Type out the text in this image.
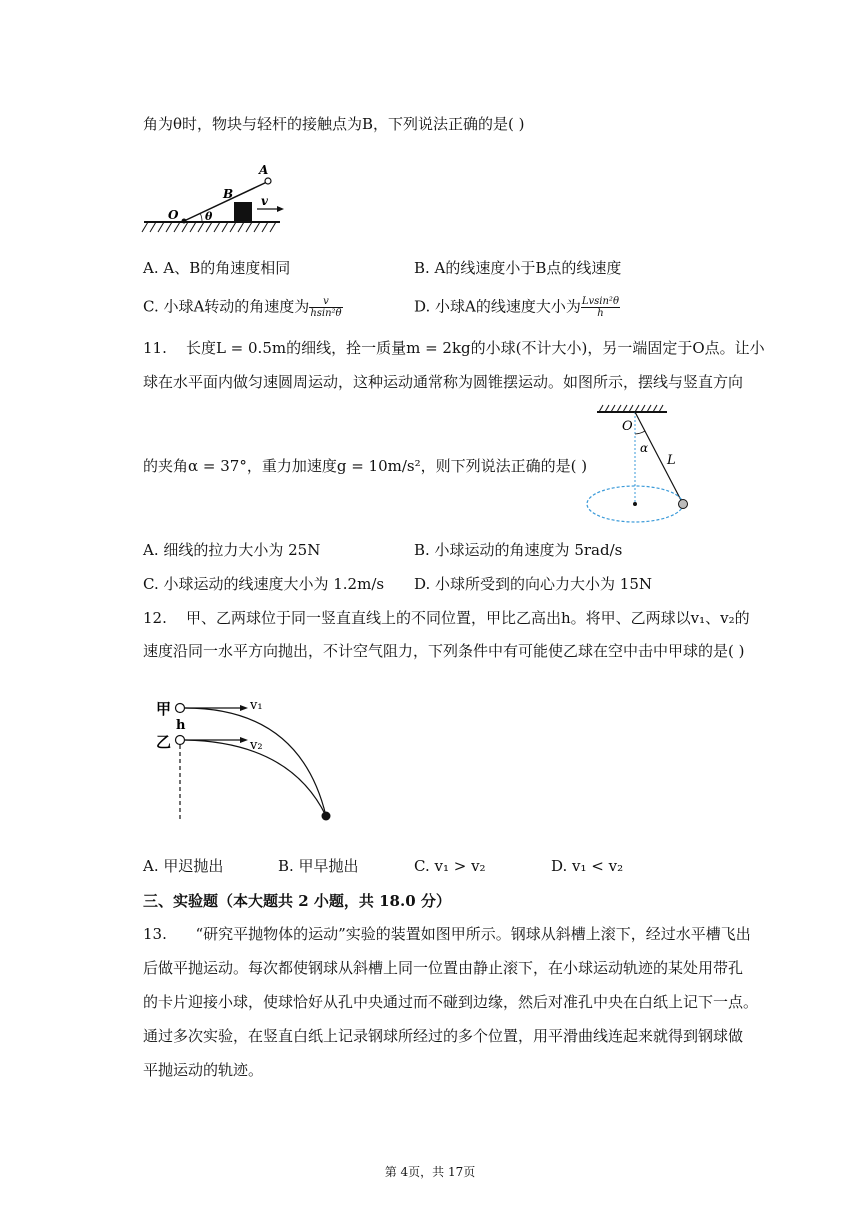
角为θ时，物块与轻杆的接触点为B，下列说法正确的是( )
O
A
B
θ
v
A. A、B的角速度相同	B. A的线速度小于B点的线速度
C. 小球A转动的角速度为 $\frac{v}{\text{hsin²θ}}$	D. 小球A的线速度大小为 $\frac{\text{Lvsin²θ}}{h}$
11. 长度L = 0.5m的细线，拴一质量m = 2kg的小球(不计大小)，另一端固定于O点。让小
球在水平面内做匀速圆周运动，这种运动通常称为圆锥摆运动。如图所示，摆线与竖直方向
的夹角α = 37°，重力加速度g = 10m/s²，则下列说法正确的是( )
O
α
L
A. 细线的拉力大小为 25N	B. 小球运动的角速度为 5rad/s
C. 小球运动的线速度大小为 1.2m/s D. 小球所受到的向心力大小为 15N
12. 甲、乙两球位于同一竖直直线上的不同位置，甲比乙高出h。将甲、乙两球以v₁、v₂的
速度沿同一水平方向抛出，不计空气阻力，下列条件中有可能使乙球在空中击中甲球的是( )
甲
h
乙
v₁
v₂
A. 甲迟抛出	B. 甲早抛出	C. v₁ > v₂	D. v₁ < v₂
三、实验题（本大题共 2 小题，共 18.0 分）
13. “研究平抛物体的运动”实验的装置如图甲所示。钢球从斜槽上滚下，经过水平槽飞出
后做平抛运动。每次都使钢球从斜槽上同一位置由静止滚下，在小球运动轨迹的某处用带孔
的卡片迎接小球，使球恰好从孔中央通过而不碰到边缘，然后对准孔中央在白纸上记下一点。
通过多次实验，在竖直白纸上记录钢球所经过的多个位置，用平滑曲线连起来就得到钢球做
平抛运动的轨迹。
第 4页，共 17页
